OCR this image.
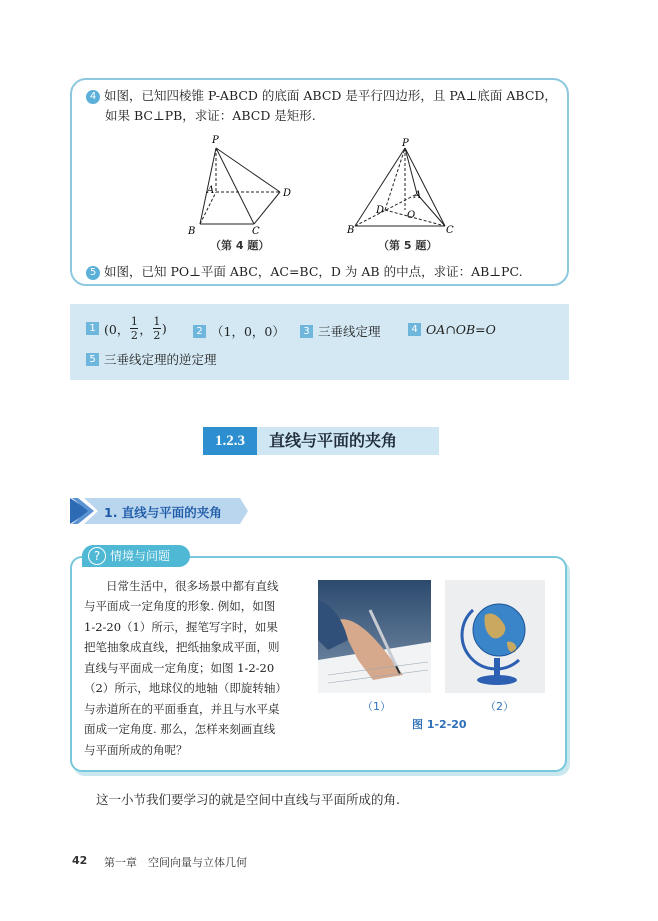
4 如图，已知四棱锥 P-ABCD 的底面 ABCD 是平行四边形，且 PA⊥底面 ABCD，
如果 BC⊥PB，求证：ABCD 是矩形.
P
A
B	C
D
（第 4 题）
P
A
B	C
D O
（第 5 题）
5 如图，已知 PO⊥平面 ABC，AC=BC，D 为 AB 的中点，求证：AB⊥PC.
1 (0， $\frac{1}{2}$ ， $\frac{1}{2}$ )	2 （1，0，0）	3 三垂线定理	4 OA∩OB=O
5 三垂线定理的逆定理
1.2.3	直线与平面的夹角
1. 直线与平面的夹角
? 情境与问题
日常生活中，很多场景中都有直线
与平面成一定角度的形象. 例如，如图
1-2-20（1）所示，握笔写字时，如果
把笔抽象成直线，把纸抽象成平面，则
直线与平面成一定角度；如图 1-2-20
（2）所示，地球仪的地轴（即旋转轴）
与赤道所在的平面垂直，并且与水平桌
面成一定角度. 那么，怎样来刻画直线
与平面所成的角呢？
（1）	（2）
图 1-2-20
这一小节我们要学习的就是空间中直线与平面所成的角.
42 第一章　空间向量与立体几何
